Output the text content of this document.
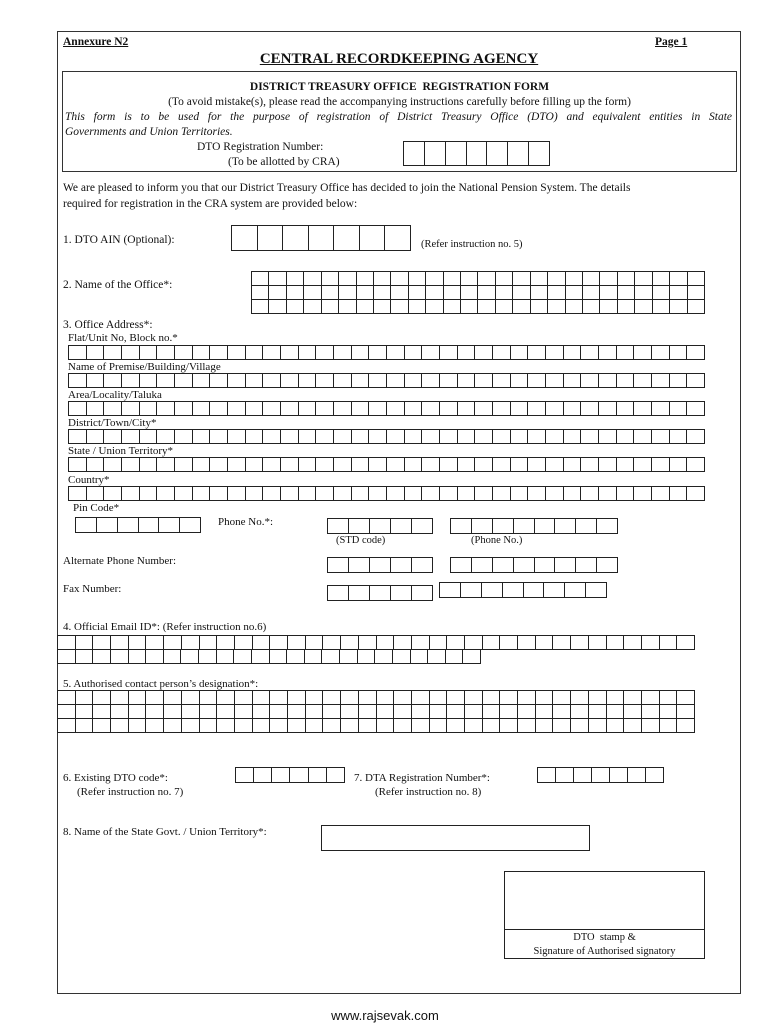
Annexure N2	Page 1
CENTRAL RECORDKEEPING AGENCY
DISTRICT TREASURY OFFICE  REGISTRATION FORM
(To avoid mistake(s), please read the accompanying instructions carefully before filling up the form)
This form is to be used for the purpose of registration of District Treasury Office (DTO) and equivalent entities in State
Governments and Union Territories.
DTO Registration Number:
(To be allotted by CRA)
We are pleased to inform you that our District Treasury Office has decided to join the National Pension System. The details
required for registration in the CRA system are provided below:
1. DTO AIN (Optional):	(Refer instruction no. 5)
2. Name of the Office*:
3. Office Address*:
Flat/Unit No, Block no.*
Name of Premise/Building/Village
Area/Locality/Taluka
District/Town/City*
State / Union Territory*
Country*
Pin Code*
Phone No.*:
(STD code)	(Phone No.)
Alternate Phone Number:
Fax Number:
4. Official Email ID*: (Refer instruction no.6)
5. Authorised contact person’s designation*:
6. Existing DTO code*:
(Refer instruction no. 7)
7. DTA Registration Number*:
(Refer instruction no. 8)
8. Name of the State Govt. / Union Territory*:
DTO  stamp &
Signature of Authorised signatory
www.rajsevak.com
